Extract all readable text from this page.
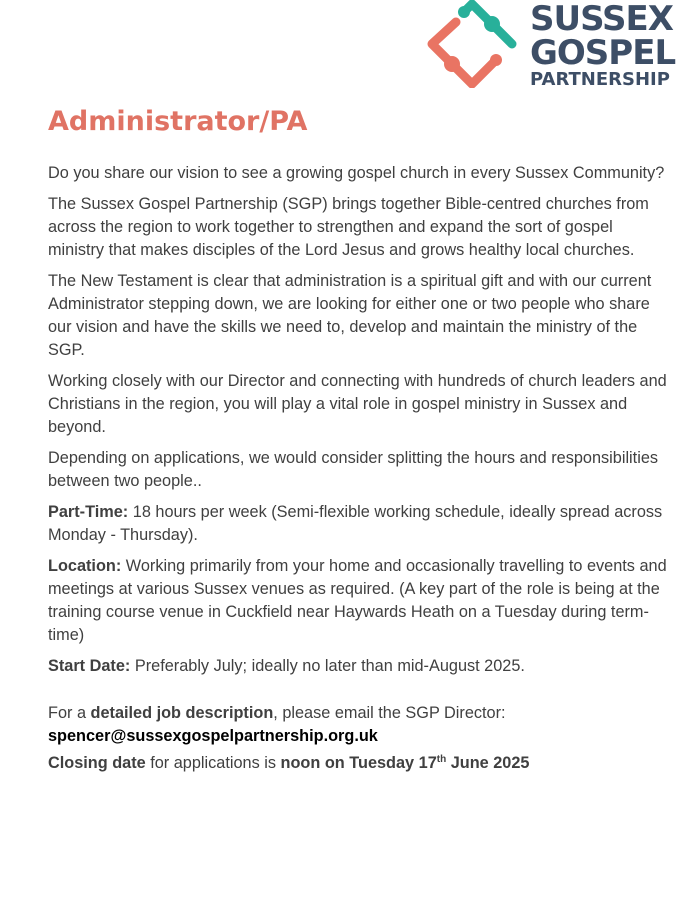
SUSSEX
GOSPEL
PARTNERSHIP
Administrator/PA

Do you share our vision to see a growing gospel church in every Sussex Community?

The Sussex Gospel Partnership (SGP) brings together Bible-centred churches from across the region to work together to strengthen and expand the sort of gospel ministry that makes disciples of the Lord Jesus and grows healthy local churches.

The New Testament is clear that administration is a spiritual gift and with our current Administrator stepping down, we are looking for either one or two people who share our vision and have the skills we need to, develop and maintain the ministry of the SGP.

Working closely with our Director and connecting with hundreds of church leaders and Christians in the region, you will play a vital role in gospel ministry in Sussex and beyond.

Depending on applications, we would consider splitting the hours and responsibilities between two people..

Part-Time: 18 hours per week (Semi-flexible working schedule, ideally spread across Monday - Thursday).

Location: Working primarily from your home and occasionally travelling to events and meetings at various Sussex venues as required. (A key part of the role is being at the training course venue in Cuckfield near Haywards Heath on a Tuesday during term-time)

Start Date: Preferably July; ideally no later than mid-August 2025.

For a detailed job description, please email the SGP Director:
spencer@sussexgospelpartnership.org.uk

Closing date for applications is noon on Tuesday 17th June 2025
